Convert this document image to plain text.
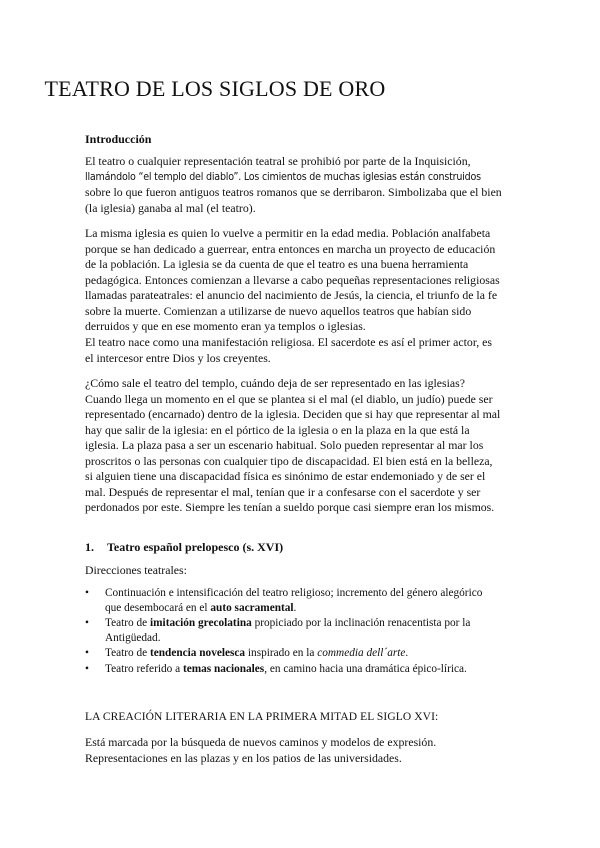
TEATRO DE LOS SIGLOS DE ORO

Introducción

El teatro o cualquier representación teatral se prohibió por parte de la Inquisición,
llamándolo “el templo del diablo”. Los cimientos de muchas iglesias están construidos
sobre lo que fueron antiguos teatros romanos que se derribaron. Simbolizaba que el bien
(la iglesia) ganaba al mal (el teatro).

La misma iglesia es quien lo vuelve a permitir en la edad media. Población analfabeta
porque se han dedicado a guerrear, entra entonces en marcha un proyecto de educación
de la población. La iglesia se da cuenta de que el teatro es una buena herramienta
pedagógica. Entonces comienzan a llevarse a cabo pequeñas representaciones religiosas
llamadas parateatrales: el anuncio del nacimiento de Jesús, la ciencia, el triunfo de la fe
sobre la muerte. Comienzan a utilizarse de nuevo aquellos teatros que habían sido
derruidos y que en ese momento eran ya templos o iglesias.

El teatro nace como una manifestación religiosa. El sacerdote es así el primer actor, es
el intercesor entre Dios y los creyentes.

¿Cómo sale el teatro del templo, cuándo deja de ser representado en las iglesias?
Cuando llega un momento en el que se plantea si el mal (el diablo, un judío) puede ser
representado (encarnado) dentro de la iglesia. Deciden que si hay que representar al mal
hay que salir de la iglesia: en el pórtico de la iglesia o en la plaza en la que está la
iglesia. La plaza pasa a ser un escenario habitual. Solo pueden representar al mar los
proscritos o las personas con cualquier tipo de discapacidad. El bien está en la belleza,
si alguien tiene una discapacidad física es sinónimo de estar endemoniado y de ser el
mal. Después de representar el mal, tenían que ir a confesarse con el sacerdote y ser
perdonados por este. Siempre les tenían a sueldo porque casi siempre eran los mismos.

1. Teatro español prelopesco (s. XVI)

Direcciones teatrales:

• Continuación e intensificación del teatro religioso; incremento del género alegórico
que desembocará en el auto sacramental.
• Teatro de imitación grecolatina propiciado por la inclinación renacentista por la
Antigüedad.
• Teatro de tendencia novelesca inspirado en la commedia dell´arte.
• Teatro referido a temas nacionales, en camino hacia una dramática épico-lírica.

LA CREACIÓN LITERARIA EN LA PRIMERA MITAD EL SIGLO XVI:

Está marcada por la búsqueda de nuevos caminos y modelos de expresión.
Representaciones en las plazas y en los patios de las universidades.
